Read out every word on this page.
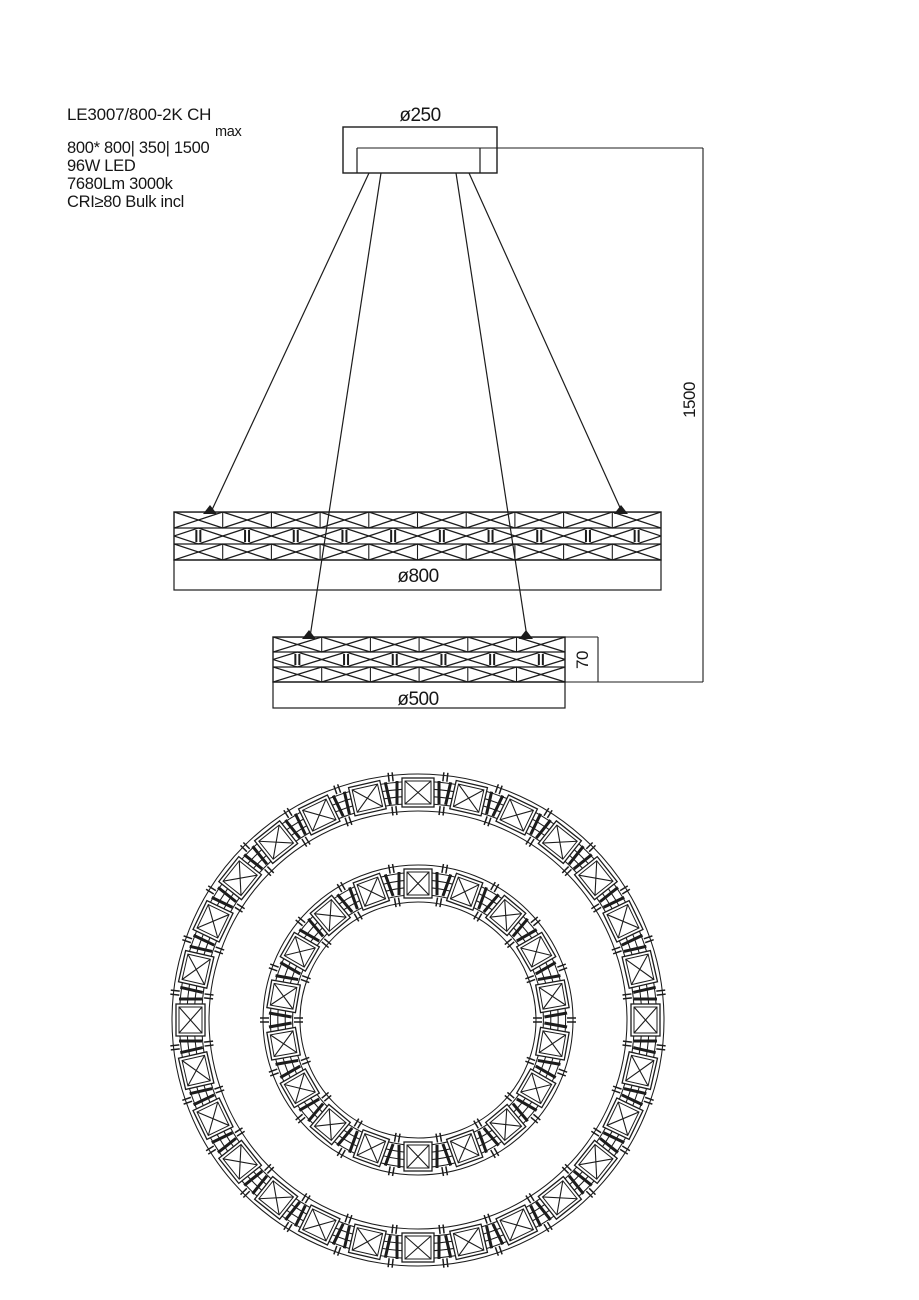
LE3007/800-2K CH
max
800* 800| 350| 1500
96W LED
7680Lm 3000k
CRI≥80 Bulk incl
ø250
ø800
ø500
70
1500
